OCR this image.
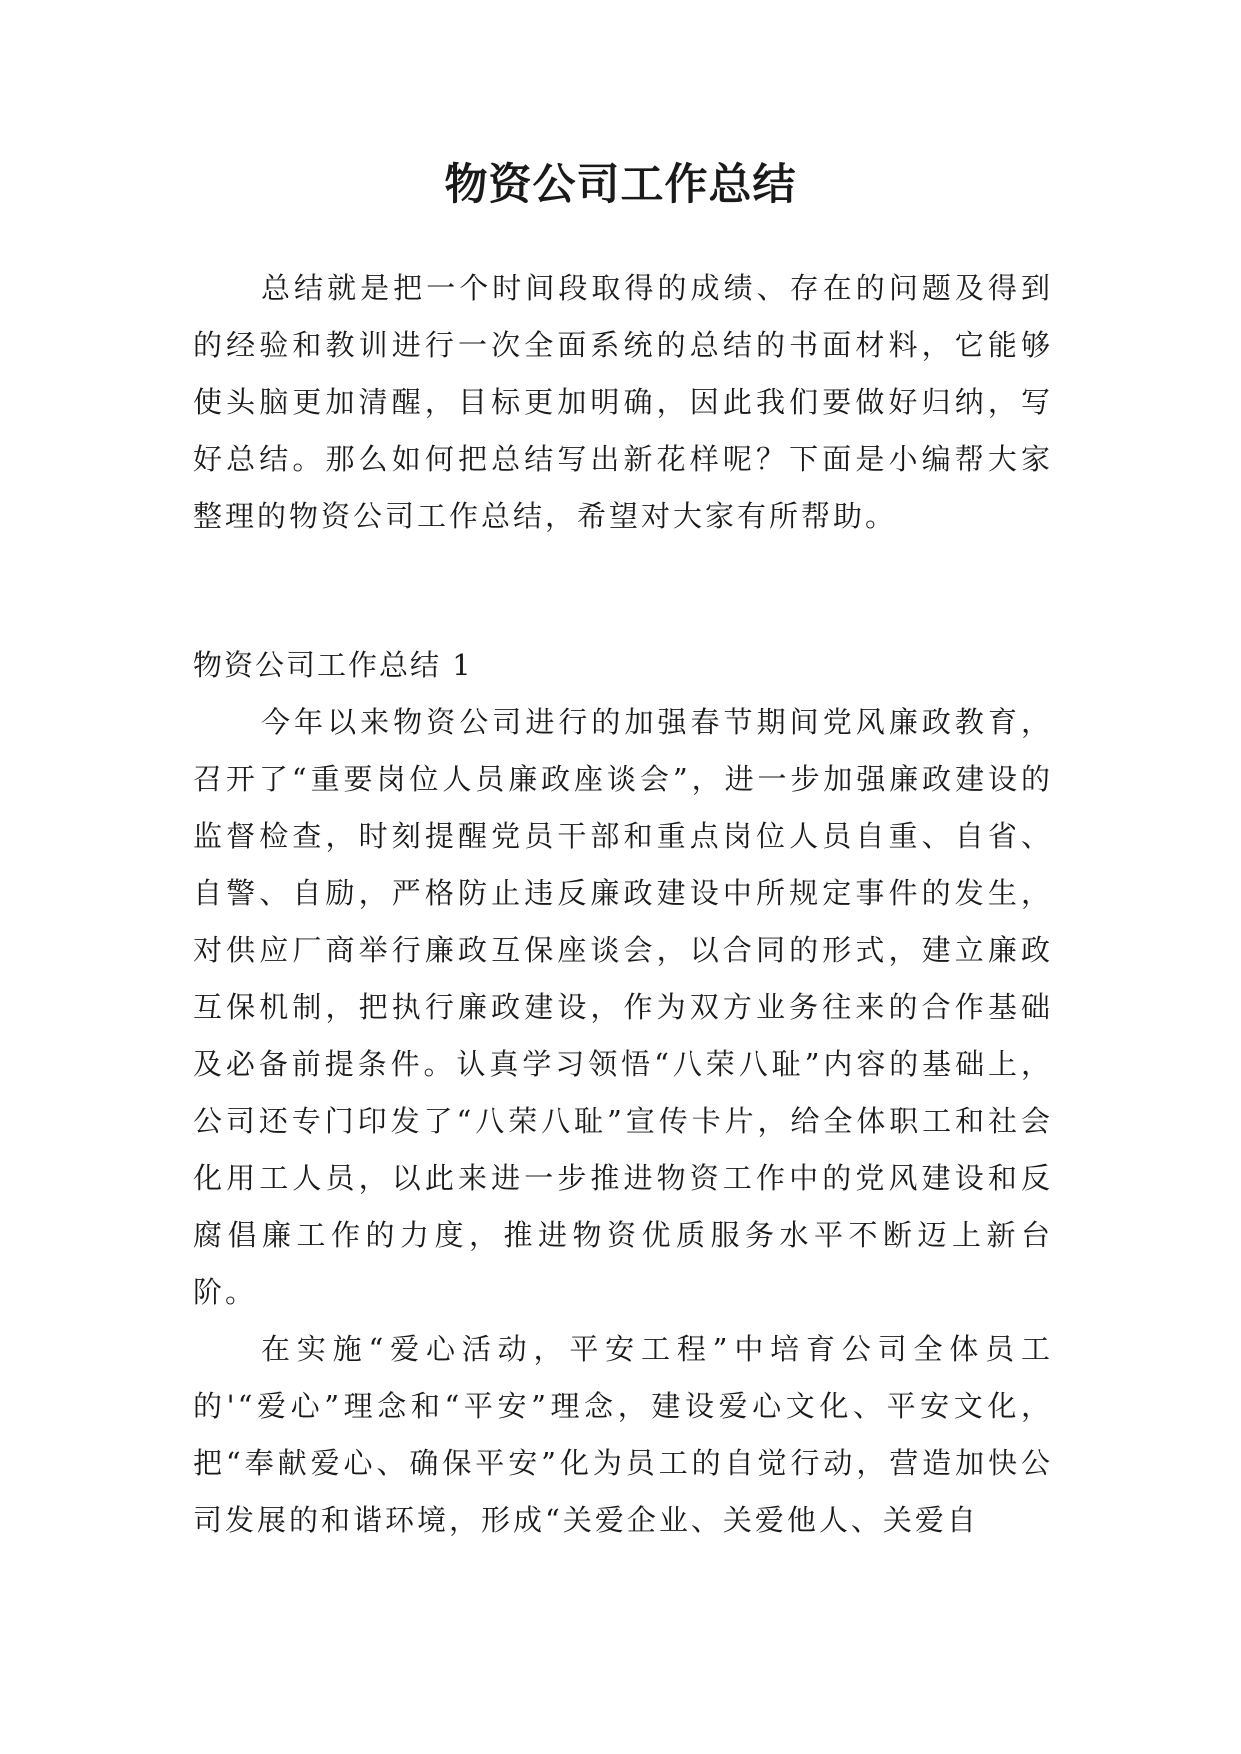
物资公司工作总结

总结就是把一个时间段取得的成绩、存在的问题及得到的经验和教训进行一次全面系统的总结的书面材料，它能够使头脑更加清醒，目标更加明确，因此我们要做好归纳，写好总结。那么如何把总结写出新花样呢？下面是小编帮大家整理的物资公司工作总结，希望对大家有所帮助。

物资公司工作总结 1

今年以来物资公司进行的加强春节期间党风廉政教育，召开了“重要岗位人员廉政座谈会”，进一步加强廉政建设的监督检查，时刻提醒党员干部和重点岗位人员自重、自省、自警、自励，严格防止违反廉政建设中所规定事件的发生，对供应厂商举行廉政互保座谈会，以合同的形式，建立廉政互保机制，把执行廉政建设，作为双方业务往来的合作基础及必备前提条件。认真学习领悟“八荣八耻”内容的基础上，公司还专门印发了“八荣八耻”宣传卡片，给全体职工和社会化用工人员，以此来进一步推进物资工作中的党风建设和反腐倡廉工作的力度，推进物资优质服务水平不断迈上新台阶。

在实施“爱心活动，平安工程”中培育公司全体员工的'“爱心”理念和“平安”理念，建设爱心文化、平安文化，把“奉献爱心、确保平安”化为员工的自觉行动，营造加快公司发展的和谐环境，形成“关爱企业、关爱他人、关爱自
